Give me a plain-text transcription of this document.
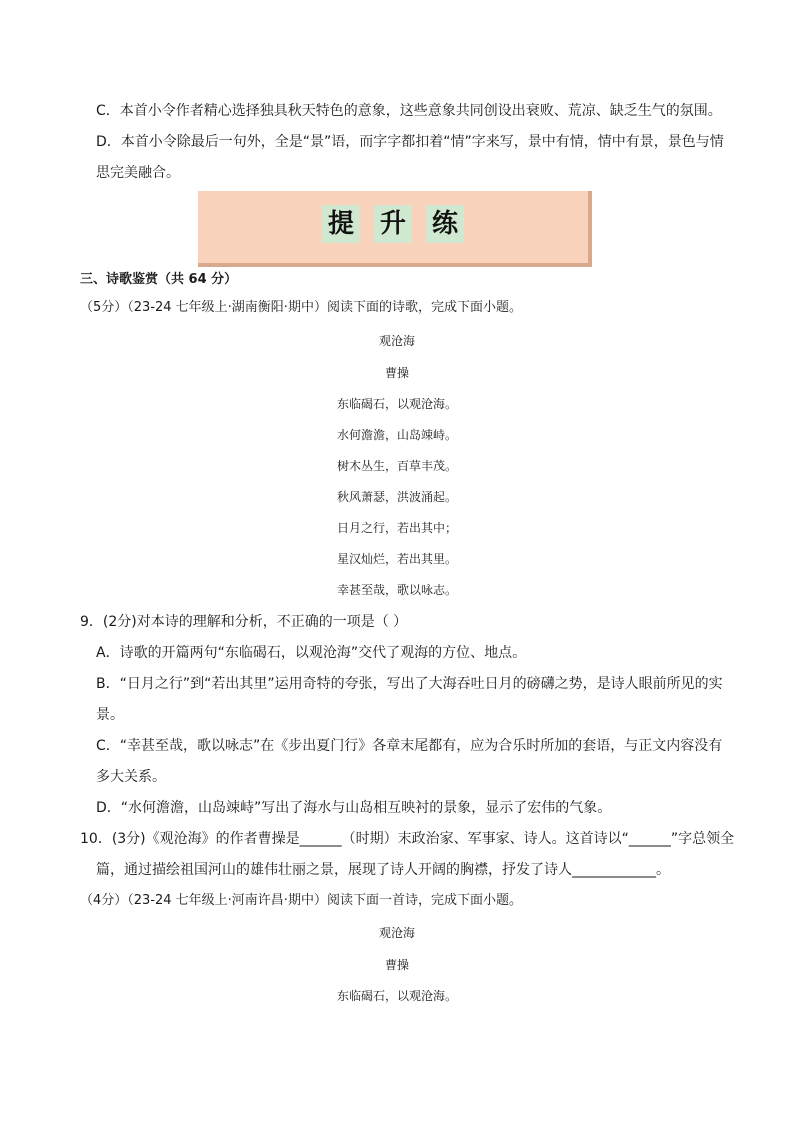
C．本首小令作者精心选择独具秋天特色的意象，这些意象共同创设出衰败、荒凉、缺乏生气的氛围。
D．本首小令除最后一句外，全是“景”语，而字字都扣着“情”字来写，景中有情，情中有景，景色与情
思完美融合。
提 升 练
三、诗歌鉴赏（共 64 分）
（5分）（23-24 七年级上·湖南衡阳·期中）阅读下面的诗歌，完成下面小题。
观沧海
曹操
东临碣石，以观沧海。
水何澹澹，山岛竦峙。
树木丛生，百草丰茂。
秋风萧瑟，洪波涌起。
日月之行，若出其中；
星汉灿烂，若出其里。
幸甚至哉，歌以咏志。
9．(2分)对本诗的理解和分析，不正确的一项是（ ）
A．诗歌的开篇两句“东临碣石，以观沧海”交代了观海的方位、地点。
B．“日月之行”到“若出其里”运用奇特的夸张，写出了大海吞吐日月的磅礴之势，是诗人眼前所见的实
景。
C．“幸甚至哉，歌以咏志”在《步出夏门行》各章末尾都有，应为合乐时所加的套语，与正文内容没有
多大关系。
D．“水何澹澹，山岛竦峙”写出了海水与山岛相互映衬的景象，显示了宏伟的气象。
10．(3分)《观沧海》的作者曹操是______（时期）末政治家、军事家、诗人。这首诗以“______”字总领全
篇，通过描绘祖国河山的雄伟壮丽之景，展现了诗人开阔的胸襟，抒发了诗人____________。
（4分）（23-24 七年级上·河南许昌·期中）阅读下面一首诗，完成下面小题。
观沧海
曹操
东临碣石，以观沧海。
